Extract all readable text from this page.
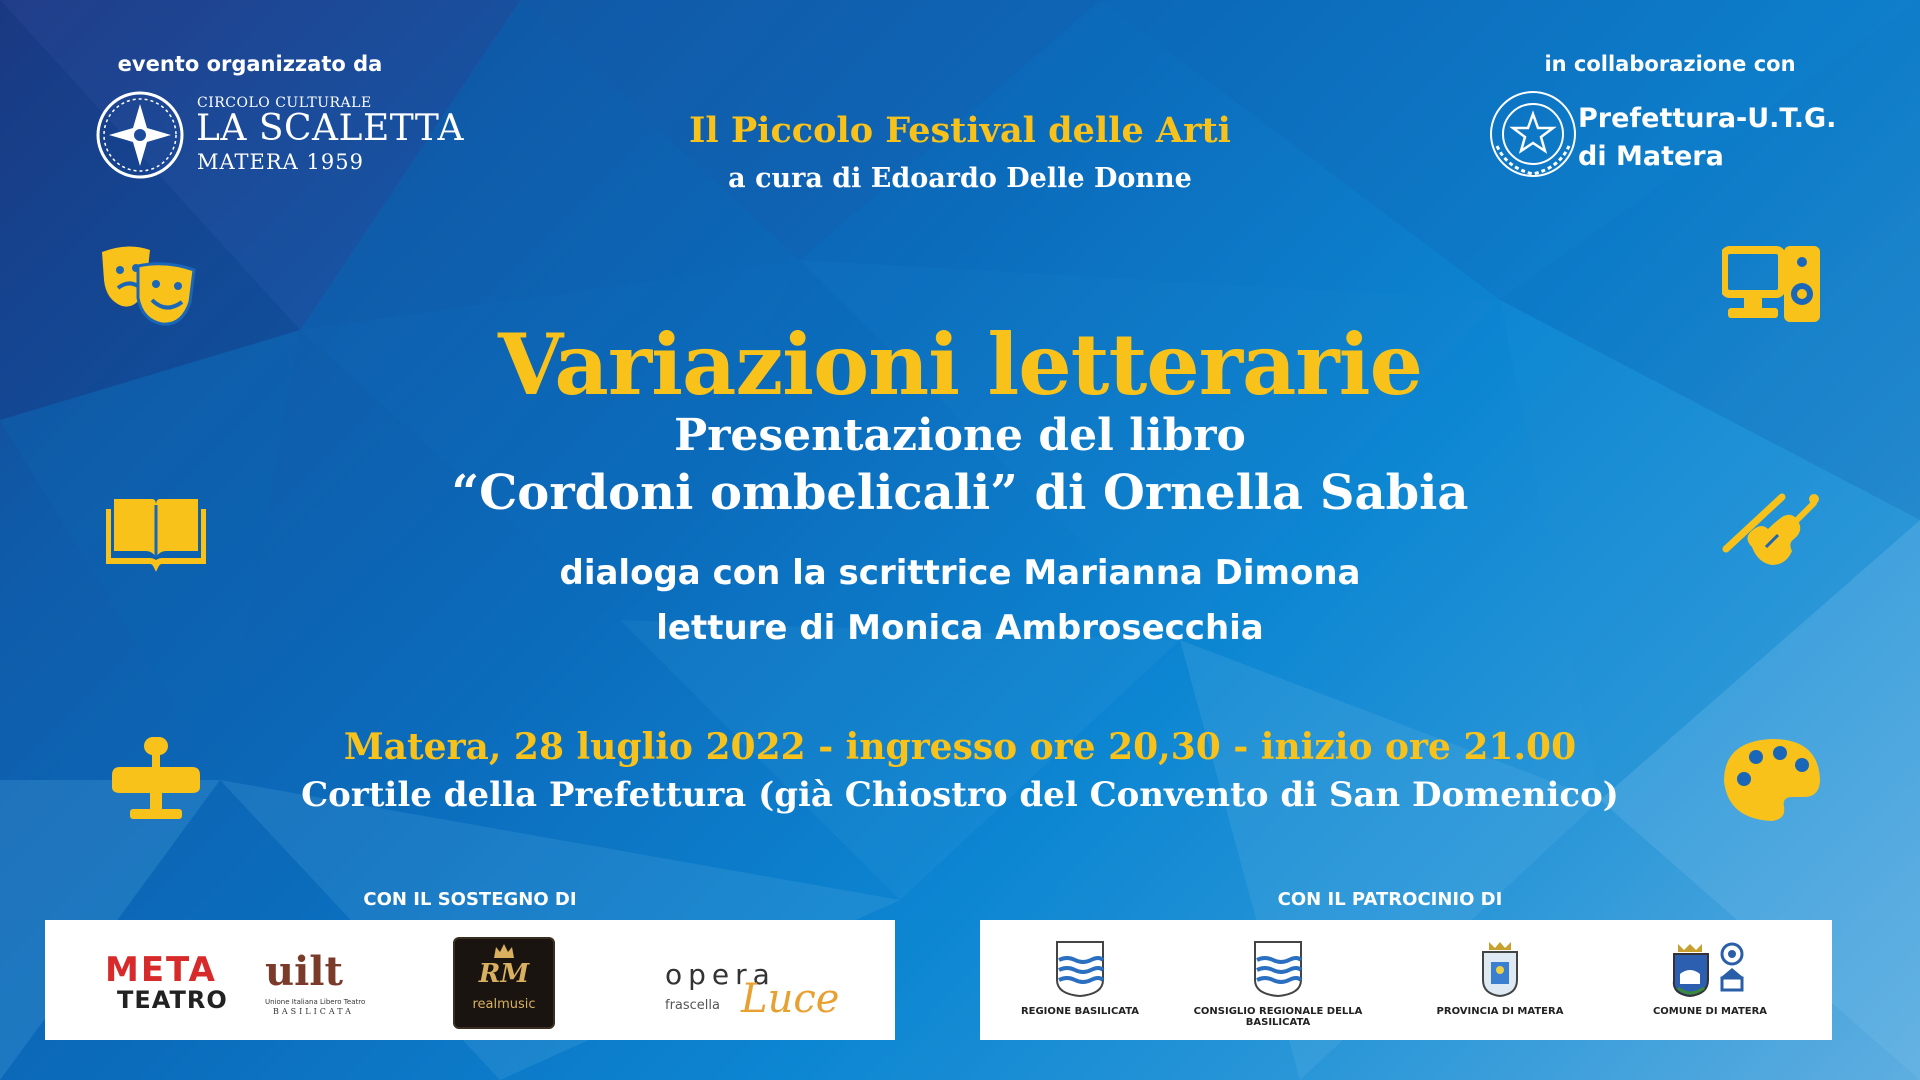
evento organizzato da
CIRCOLO CULTURALE
LA SCALETTA
MATERA 1959
in collaborazione con
Prefettura-U.T.G.
di Matera
Il Piccolo Festival delle Arti
a cura di Edoardo Delle Donne
Variazioni letterarie
Presentazione del libro
“Cordoni ombelicali” di Ornella Sabia
dialoga con la scrittrice Marianna Dimona
letture di Monica Ambrosecchia
Matera, 28 luglio 2022 - ingresso ore 20,30 - inizio ore 21.00
Cortile della Prefettura (già Chiostro del Convento di San Domenico)
CON IL SOSTEGNO DI	CON IL PATROCINIO DI
META
TEATRO
uilt
Unione Italiana Libero Teatro
BASILICATA
RM
realmusic
opera
Luce
frascella	REGIONE BASILICATA	CONSIGLIO REGIONALE DELLA BASILICATA
PROVINCIA DI MATERA	COMUNE DI MATERA
